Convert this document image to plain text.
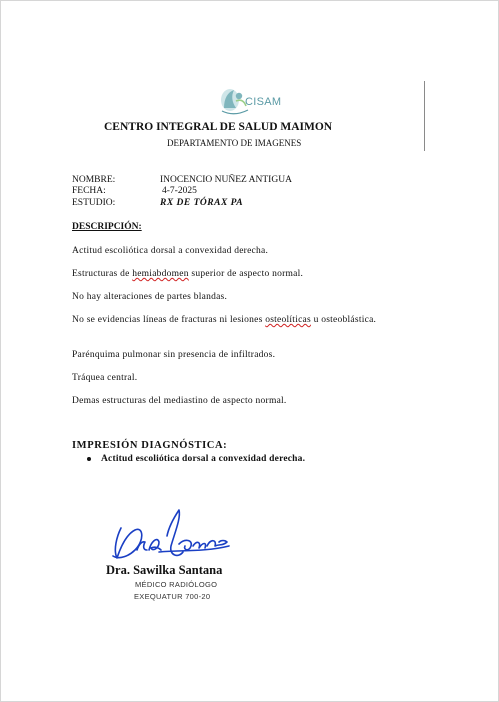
CISAM
CENTRO INTEGRAL DE SALUD MAIMON
DEPARTAMENTO DE IMAGENES
NOMBRE:	INOCENCIO NUÑEZ ANTIGUA
FECHA:	4-7-2025
ESTUDIO:	RX DE TÓRAX PA
DESCRIPCIÓN:
Actitud escoliótica dorsal a convexidad derecha.
Estructuras de hemiabdomen superior de aspecto normal.
No hay alteraciones de partes blandas.
No se evidencias líneas de fracturas ni lesiones osteolíticas u osteoblástica.
Parénquima pulmonar sin presencia de infiltrados.
Tráquea central.
Demas estructuras del mediastino de aspecto normal.
IMPRESIÓN DIAGNÓSTICA:
Actitud escoliótica dorsal a convexidad derecha.
Dra. Sawilka Santana
MÉDICO RADIÓLOGO
EXEQUATUR 700-20
